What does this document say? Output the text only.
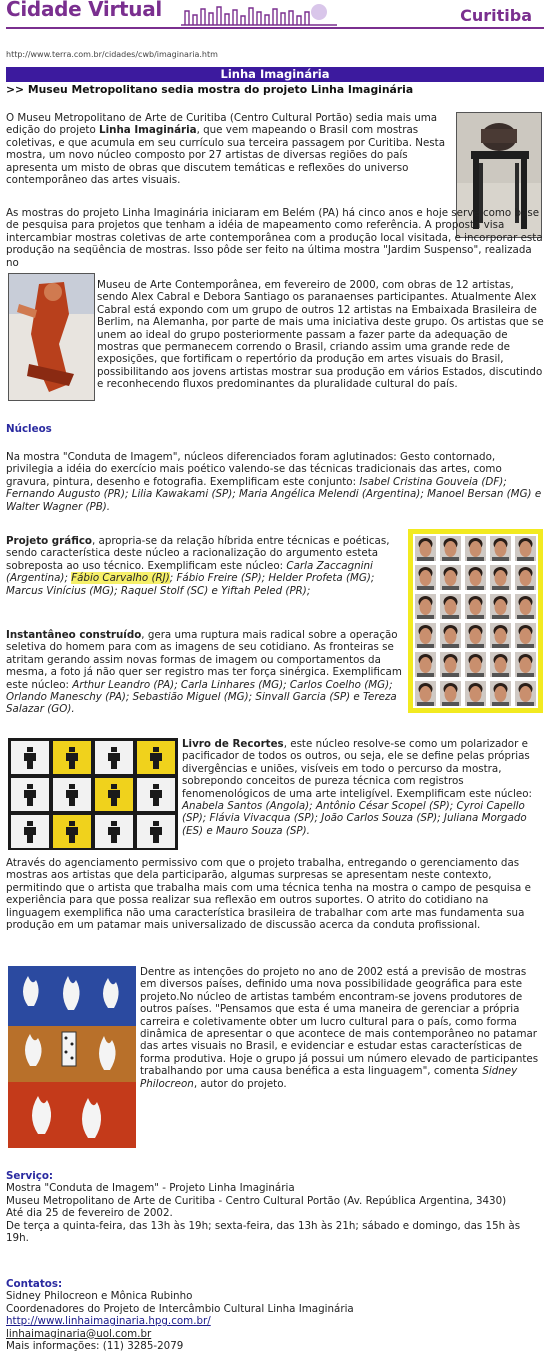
Cidade Virtual	Curitiba
http://www.terra.com.br/cidades/cwb/imaginaria.htm
Linha Imaginária
>> Museu Metropolitano sedia mostra do projeto Linha Imaginária

O Museu Metropolitano de Arte de Curitiba (Centro Cultural Portão) sedia mais uma edição do projeto Linha Imaginária, que vem mapeando o Brasil com mostras coletivas, e que acumula em seu currículo sua terceira passagem por Curitiba. Nesta mostra, um novo núcleo composto por 27 artistas de diversas regiões do país apresenta um misto de obras que discutem temáticas e reflexões do universo contemporâneo das artes visuais.

As mostras do projeto Linha Imaginária iniciaram em Belém (PA) há cinco anos e hoje serve como base de pesquisa para projetos que tenham a idéia de mapeamento como referência. A proposta visa intercambiar mostras coletivas de arte contemporânea com a produção local visitada, e incorporar esta produção na seqüência de mostras. Isso pôde ser feito na última mostra "Jardim Suspenso", realizada no

Museu de Arte Contemporânea, em fevereiro de 2000, com obras de 12 artistas, sendo Alex Cabral e Debora Santiago os paranaenses participantes. Atualmente Alex Cabral está expondo com um grupo de outros 12 artistas na Embaixada Brasileira de Berlim, na Alemanha, por parte de mais uma iniciativa deste grupo. Os artistas que se unem ao ideal do grupo posteriormente passam a fazer parte da adequação de mostras que permanecem correndo o Brasil, criando assim uma grande rede de exposições, que fortificam o repertório da produção em artes visuais do Brasil, possibilitando aos jovens artistas mostrar sua produção em vários Estados, discutindo e reconhecendo fluxos predominantes da pluralidade cultural do país.

Núcleos

Na mostra "Conduta de Imagem", núcleos diferenciados foram aglutinados: Gesto contornado, privilegia a idéia do exercício mais poético valendo-se das técnicas tradicionais das artes, como gravura, pintura, desenho e fotografia. Exemplificam este conjunto: Isabel Cristina Gouveia (DF); Fernando Augusto (PR); Lilia Kawakami (SP); Maria Angélica Melendi (Argentina); Manoel Bersan (MG) e Walter Wagner (PB).

Projeto gráfico, apropria-se da relação híbrida entre técnicas e poéticas, sendo característica deste núcleo a racionalização do argumento esteta sobreposta ao uso técnico. Exemplificam este núcleo: Carla Zaccagnini (Argentina); Fábio Carvalho (RJ); Fábio Freire (SP); Helder Profeta (MG); Marcus Vinícius (MG); Raquel Stolf (SC) e Yiftah Peled (PR);

Instantâneo construído, gera uma ruptura mais radical sobre a operação seletiva do homem para com as imagens de seu cotidiano. As fronteiras se atritam gerando assim novas formas de imagem ou comportamentos da mesma, a foto já não quer ser registro mas ter força sinérgica. Exemplificam este núcleo: Arthur Leandro (PA); Carla Linhares (MG); Carlos Coelho (MG); Orlando Maneschy (PA); Sebastião Miguel (MG); Sinvall Garcia (SP) e Tereza Salazar (GO).

Livro de Recortes, este núcleo resolve-se como um polarizador e pacificador de todos os outros, ou seja, ele se define pelas próprias divergências e uniões, visíveis em todo o percurso da mostra, sobrepondo conceitos de pureza técnica com registros fenomenológicos de uma arte inteligível. Exemplificam este núcleo: Anabela Santos (Angola); Antônio César Scopel (SP); Cyroi Capello (SP); Flávia Vivacqua (SP); João Carlos Souza (SP); Juliana Morgado (ES) e Mauro Souza (SP).

Através do agenciamento permissivo com que o projeto trabalha, entregando o gerenciamento das mostras aos artistas que dela participarão, algumas surpresas se apresentam neste contexto, permitindo que o artista que trabalha mais com uma técnica tenha na mostra o campo de pesquisa e experiência para que possa realizar sua reflexão em outros suportes. O atrito do cotidiano na linguagem exemplifica não uma característica brasileira de trabalhar com arte mas fundamenta sua produção em um patamar mais universalizado de discussão acerca da conduta profissional.

Dentre as intenções do projeto no ano de 2002 está a previsão de mostras em diversos países, definido uma nova possibilidade geográfica para este projeto.No núcleo de artistas também encontram-se jovens produtores de outros países. "Pensamos que esta é uma maneira de gerenciar a própria carreira e coletivamente obter um lucro cultural para o país, como forma dinâmica de apresentar o que acontece de mais contemporâneo no patamar das artes visuais no Brasil, e evidenciar e estudar estas características de forma produtiva. Hoje o grupo já possui um número elevado de participantes trabalhando por uma causa benéfica a esta linguagem", comenta Sidney Philocreon, autor do projeto.

Serviço:
Mostra "Conduta de Imagem" - Projeto Linha Imaginária
Museu Metropolitano de Arte de Curitiba - Centro Cultural Portão (Av. República Argentina, 3430)
Até dia 25 de fevereiro de 2002.
De terça a quinta-feira, das 13h às 19h; sexta-feira, das 13h às 21h; sábado e domingo, das 15h às 19h.
Contatos:
Sidney Philocreon e Mônica Rubinho
Coordenadores do Projeto de Intercâmbio Cultural Linha Imaginária
http://www.linhaimaginaria.hpg.com.br/
linhaimaginaria@uol.com.br
Mais informações: (11) 3285-2079
